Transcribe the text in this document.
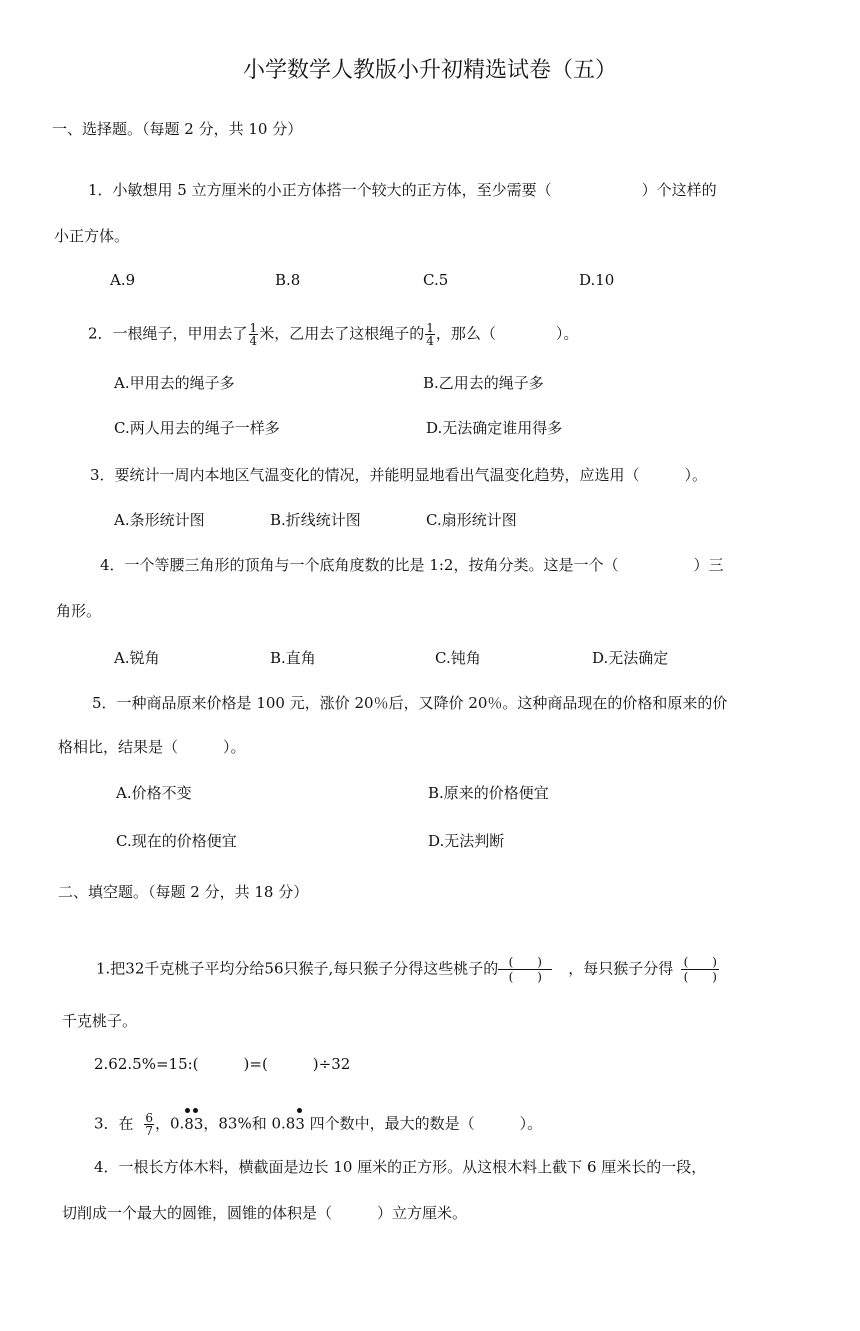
小学数学人教版小升初精选试卷（五）
一、选择题。（每题 2 分，共 10 分）
1．小敏想用 5 立方厘米的小正方体搭一个较大的正方体，至少需要（　　　　　　）个这样的
小正方体。
A.9	B.8	C.5	D.10
2．一根绳子，甲用去了 $\frac{1}{4}$ 米，乙用去了这根绳子的 $\frac{1}{4}$ ，那么（　　　　）。
A.甲用去的绳子多	B.乙用去的绳子多
C.两人用去的绳子一样多	D.无法确定谁用得多
3．要统计一周内本地区气温变化的情况，并能明显地看出气温变化趋势，应选用（　　　）。
A.条形统计图	B.折线统计图	C.扇形统计图
4．一个等腰三角形的顶角与一个底角度数的比是 1:2，按角分类。这是一个（　　　　　）三
角形。
A.锐角	B.直角	C.钝角	D.无法确定
5．一种商品原来价格是 100 元，涨价 20％后，又降价 20％。这种商品现在的价格和原来的价
格相比，结果是（　　　）。
A.价格不变	B.原来的价格便宜
C.现在的价格便宜	D.无法判断
二、填空题。（每题 2 分，共 18 分）
1.把32千克桃子平均分给56只猴子,每只猴子分得这些桃子的 (　　)
(　　)	，每只猴子分得 (　　)
(　　)
千克桃子。
2.62.5%=15:(　　　)=(　　　)÷32
3．在 $\frac{6}{7}$ ，0.
83，83%和 0.8
3 四个数中，最大的数是（　　　）。
4．一根长方体木料，横截面是边长 10 厘米的正方形。从这根木料上截下 6 厘米长的一段，
切削成一个最大的圆锥，圆锥的体积是（　　　）立方厘米。
